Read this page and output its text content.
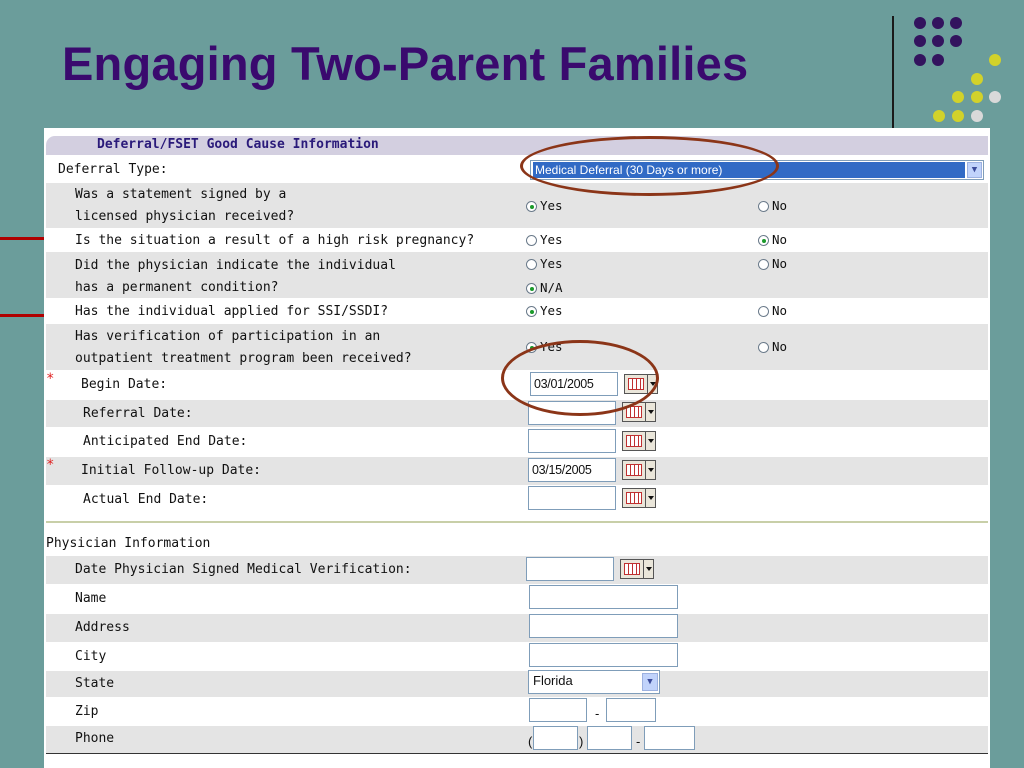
Engaging Two-Parent Families
Deferral/FSET Good Cause Information
Deferral Type:	Medical Deferral (30 Days or more)	▼
Was a statement signed by a
licensed physician received?
Yes	No
Is the situation a result of a high risk pregnancy?	Yes	No
Did the physician indicate the individual
has a permanent condition?
Yes	No
N/A
Has the individual applied for SSI/SSDI?	Yes	No
Has verification of participation in an
outpatient treatment program been received?
Yes	No
* Begin Date:	03/01/2005
Referral Date:
Anticipated End Date:
* Initial Follow-up Date:	03/15/2005
Actual End Date:
Physician Information
Date Physician Signed Medical Verification:
Name
Address
City
State	Florida	▼
Zip	-
Phone	(	)	-
